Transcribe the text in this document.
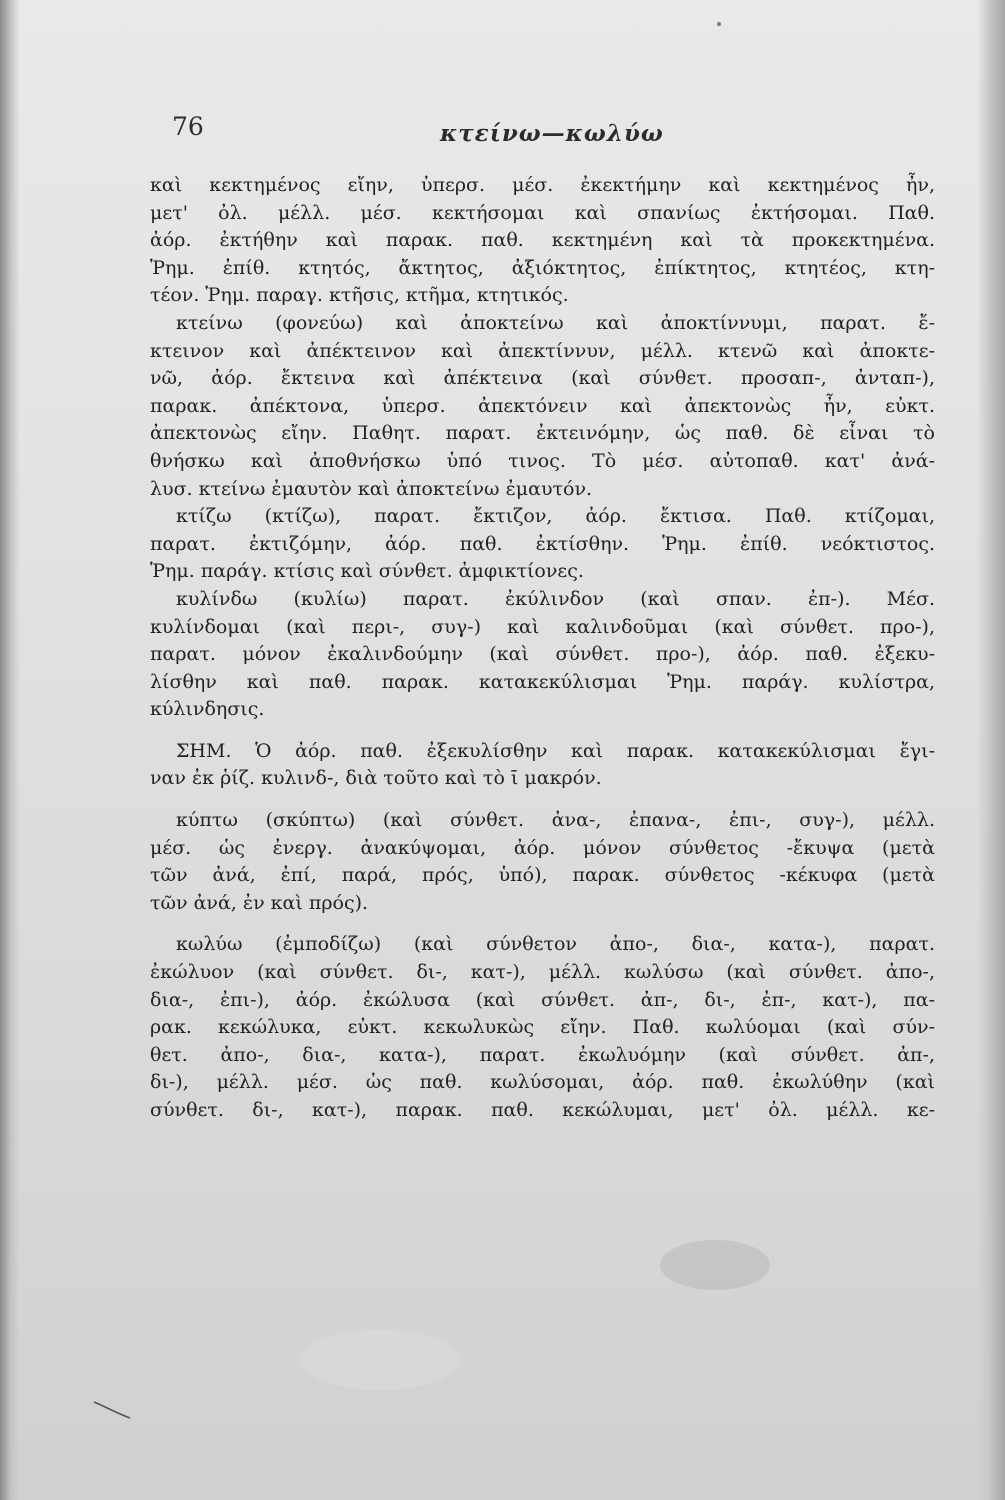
76	κτείνω—κωλύω
καὶ κεκτημένος εἴην, ὑπερσ. μέσ. ἐκεκτήμην καὶ κεκτημένος ἦν,
μετ' ὀλ. μέλλ. μέσ. κεκτήσομαι καὶ σπανίως ἐκτήσομαι. Παθ.
ἀόρ. ἐκτήθην καὶ παρακ. παθ. κεκτημένη καὶ τὰ προκεκτημένα.
Ῥημ. ἐπίθ. κτητός, ἄκτητος, ἀξιόκτητος, ἐπίκτητος, κτητέος, κτη-
τέον. Ῥημ. παραγ. κτῆσις, κτῆμα, κτητικός.
κτείνω (φονεύω) καὶ ἀποκτείνω καὶ ἀποκτίννυμι, παρατ. ἔ-
κτεινον καὶ ἀπέκτεινον καὶ ἀπεκτίννυν, μέλλ. κτενῶ καὶ ἀποκτε-
νῶ, ἀόρ. ἔκτεινα καὶ ἀπέκτεινα (καὶ σύνθετ. προσαπ-, ἀνταπ-),
παρακ. ἀπέκτονα, ὑπερσ. ἀπεκτόνειν καὶ ἀπεκτονὼς ἦν, εὐκτ.
ἀπεκτονὼς εἴην. Παθητ. παρατ. ἐκτεινόμην, ὡς παθ. δὲ εἶναι τὸ
θνήσκω καὶ ἀποθνήσκω ὑπό τινος. Τὸ μέσ. αὐτοπαθ. κατ' ἀνά-
λυσ. κτείνω ἐμαυτὸν καὶ ἀποκτείνω ἐμαυτόν.
κτίζω (κτίζω), παρατ. ἔκτιζον, ἀόρ. ἔκτισα. Παθ. κτίζομαι,
παρατ. ἐκτιζόμην, ἀόρ. παθ. ἐκτίσθην. Ῥημ. ἐπίθ. νεόκτιστος.
Ῥημ. παράγ. κτίσις καὶ σύνθετ. ἀμφικτίονες.
κυλίνδω (κυλίω) παρατ. ἐκύλινδον (καὶ σπαν. ἐπ-). Μέσ.
κυλίνδομαι (καὶ περι-, συγ-) καὶ καλινδοῦμαι (καὶ σύνθετ. προ-),
παρατ. μόνον ἐκαλινδούμην (καὶ σύνθετ. προ-), ἀόρ. παθ. ἐξεκυ-
λίσθην καὶ παθ. παρακ. κατακεκύλισμαι Ῥημ. παράγ. κυλίστρα,
κύλινδησις.
ΣΗΜ. Ὁ ἀόρ. παθ. ἐξεκυλίσθην καὶ παρακ. κατακεκύλισμαι ἔγι-
ναν ἐκ ῥίζ. κυλινδ-, διὰ τοῦτο καὶ τὸ ῑ μακρόν.
κύπτω (σκύπτω) (καὶ σύνθετ. ἀνα-, ἐπανα-, ἐπι-, συγ-), μέλλ.
μέσ. ὡς ἐνεργ. ἀνακύψομαι, ἀόρ. μόνον σύνθετος -ἔκυψα (μετὰ
τῶν ἀνά, ἐπί, παρά, πρός, ὑπό), παρακ. σύνθετος -κέκυφα (μετὰ
τῶν ἀνά, ἐν καὶ πρός).
κωλύω (ἐμποδίζω) (καὶ σύνθετον ἀπο-, δια-, κατα-), παρατ.
ἐκώλυον (καὶ σύνθετ. δι-, κατ-), μέλλ. κωλύσω (καὶ σύνθετ. ἀπο-,
δια-, ἐπι-), ἀόρ. ἐκώλυσα (καὶ σύνθετ. ἀπ-, δι-, ἐπ-, κατ-), πα-
ρακ. κεκώλυκα, εὐκτ. κεκωλυκὼς εἴην. Παθ. κωλύομαι (καὶ σύν-
θετ. ἀπο-, δια-, κατα-), παρατ. ἐκωλυόμην (καὶ σύνθετ. ἀπ-,
δι-), μέλλ. μέσ. ὡς παθ. κωλύσομαι, ἀόρ. παθ. ἐκωλύθην (καὶ
σύνθετ. δι-, κατ-), παρακ. παθ. κεκώλυμαι, μετ' ὀλ. μέλλ. κε-
